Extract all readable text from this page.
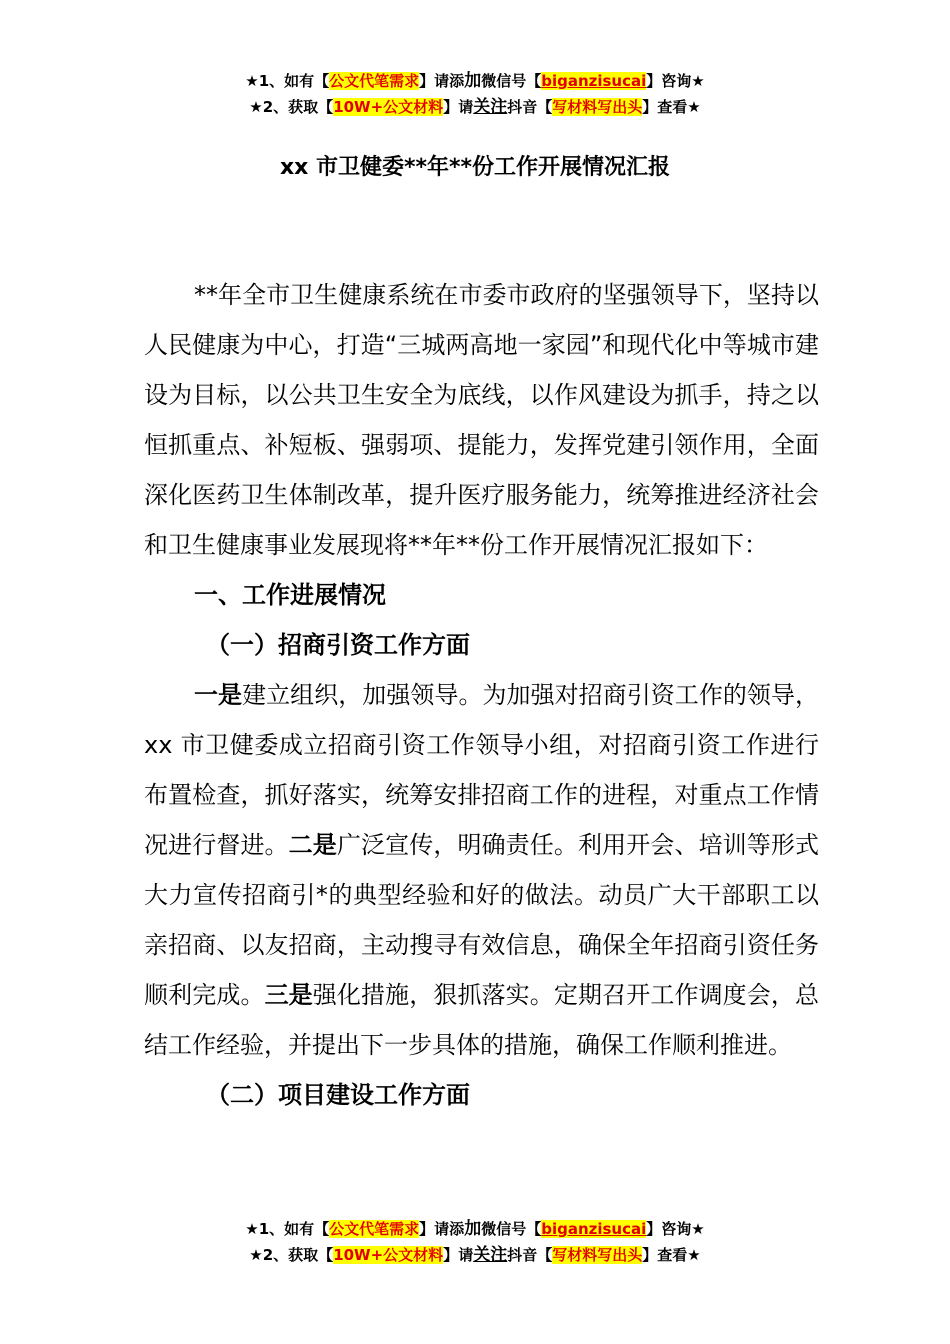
★1、如有【公文代笔需求】请添加微信号【biganzisucai】咨询★
★2、获取【10W+公文材料】请关注抖音【写材料写出头】查看★
xx 市卫健委**年**份工作开展情况汇报

**年全市卫生健康系统在市委市政府的坚强领导下，坚持以人民健康为中心，打造“三城两高地一家园”和现代化中等城市建设为目标，以公共卫生安全为底线，以作风建设为抓手，持之以恒抓重点、补短板、强弱项、提能力，发挥党建引领作用，全面深化医药卫生体制改革，提升医疗服务能力，统筹推进经济社会和卫生健康事业发展现将**年**份工作开展情况汇报如下：

一、工作进展情况
（一）招商引资工作方面

一是建立组织，加强领导。为加强对招商引资工作的领导，xx 市卫健委成立招商引资工作领导小组，对招商引资工作进行布置检查，抓好落实，统筹安排招商工作的进程，对重点工作情况进行督进。二是广泛宣传，明确责任。利用开会、培训等形式大力宣传招商引*的典型经验和好的做法。动员广大干部职工以亲招商、以友招商，主动搜寻有效信息，确保全年招商引资任务顺利完成。三是强化措施，狠抓落实。定期召开工作调度会，总结工作经验，并提出下一步具体的措施，确保工作顺利推进。

（二）项目建设工作方面
★1、如有【公文代笔需求】请添加微信号【biganzisucai】咨询★
★2、获取【10W+公文材料】请关注抖音【写材料写出头】查看★
